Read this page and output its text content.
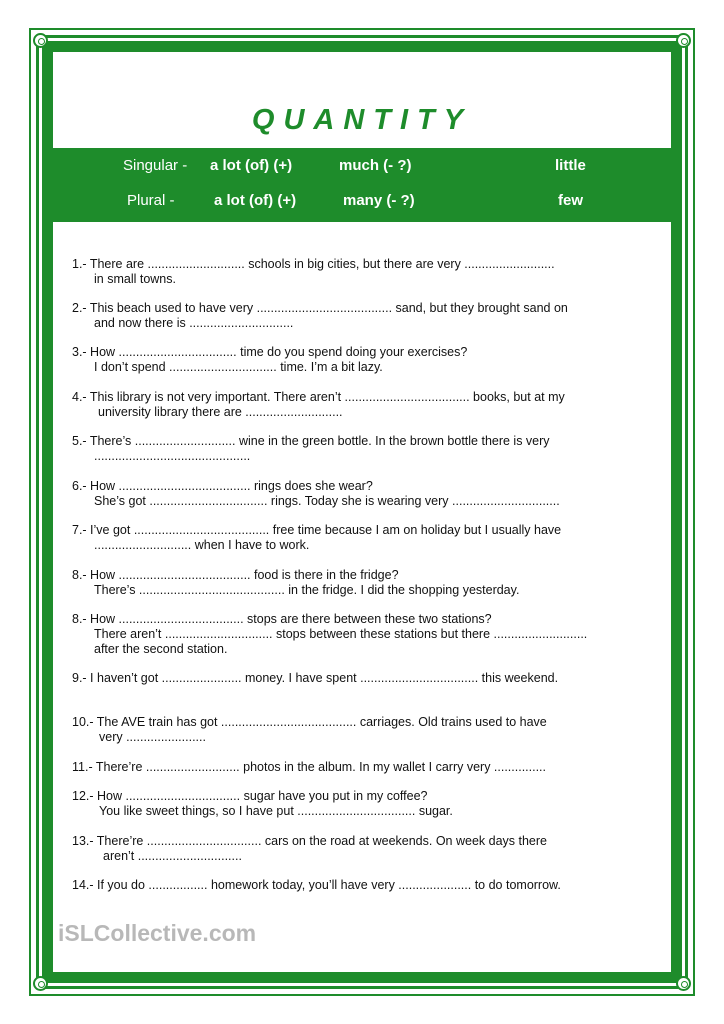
QUANTITY
Singular - a lot (of) (+)	much (- ?)	little
Plural -	a lot (of) (+)	many (- ?)	few
1.- There are ............................ schools in big cities, but there are very ..........................
in small towns.
2.- This beach used to have very ....................................... sand, but they brought sand on
and now there is ..............................
3.- How .................................. time do you spend doing your exercises?
I don’t spend ............................... time. I’m a bit lazy.
4.- This library is not very important. There aren’t .................................... books, but at my
university library there are ............................
5.- There’s ............................. wine in the green bottle. In the brown bottle there is very
.............................................
6.- How ...................................... rings does she wear?
She’s got .................................. rings. Today she is wearing very ...............................
7.- I’ve got ....................................... free time because I am on holiday but I usually have
............................ when I have to work.
8.- How ...................................... food is there in the fridge?
There’s .......................................... in the fridge. I did the shopping yesterday.
8.- How .................................... stops are there between these two stations?
There aren’t ............................... stops between these stations but there ...........................
after the second station.
9.- I haven’t got ....................... money. I have spent .................................. this weekend.
10.- The AVE train has got ....................................... carriages. Old trains used to have
very .......................
11.- There’re ........................... photos in the album. In my wallet I carry very ...............
12.- How ................................. sugar have you put in my coffee?
You like sweet things, so I have put .................................. sugar.
13.- There’re ................................. cars on the road at weekends. On week days there
aren’t ..............................
14.- If you do ................. homework today, you’ll have very ..................... to do tomorrow.
iSLCollective.com
